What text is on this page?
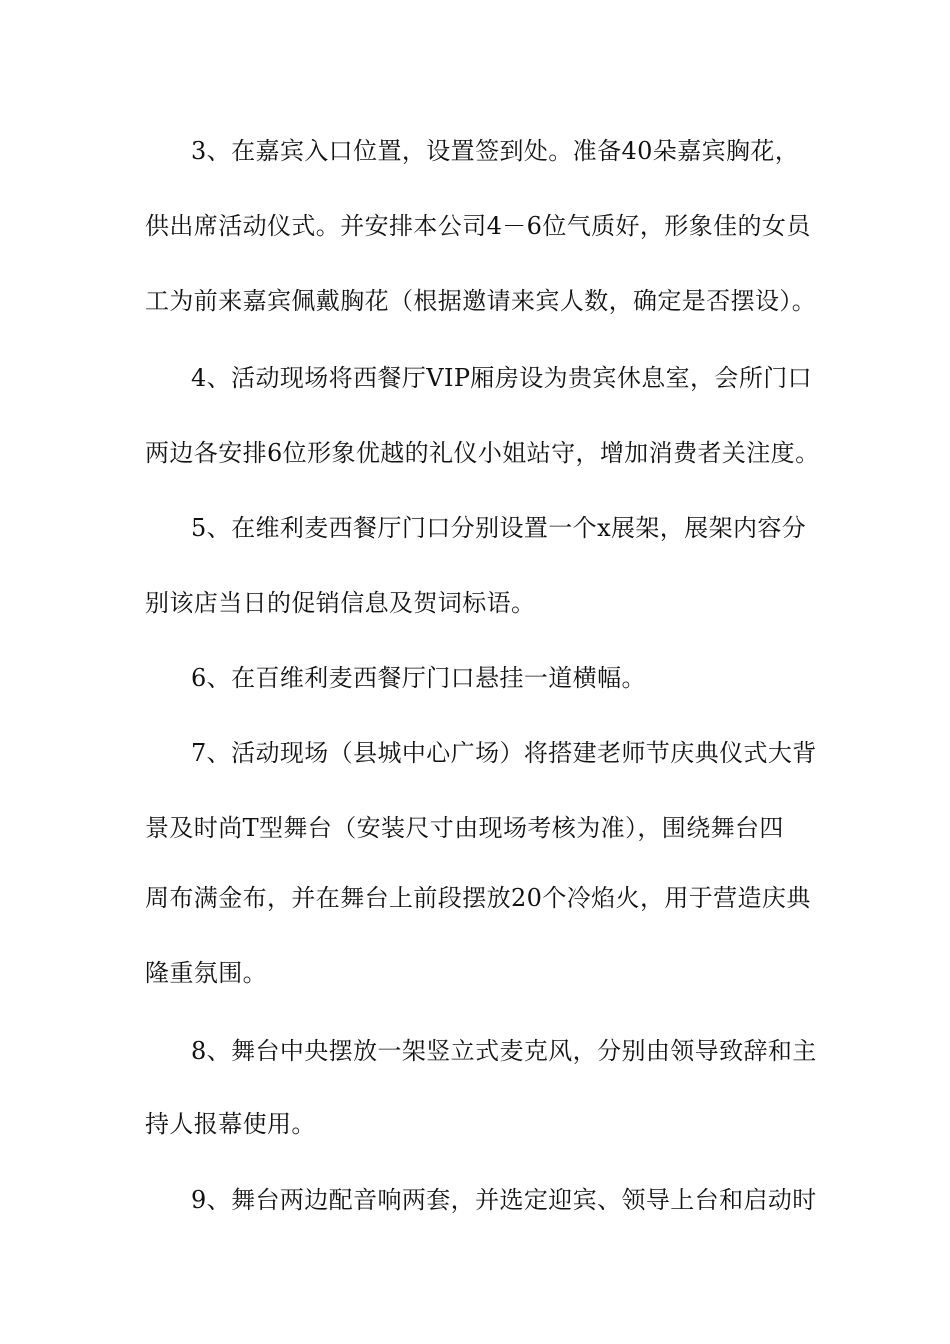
3、在嘉宾入口位置，设置签到处。准备40朵嘉宾胸花，
供出席活动仪式。并安排本公司4－6位气质好，形象佳的女员
工为前来嘉宾佩戴胸花（根据邀请来宾人数，确定是否摆设）。
4、活动现场将西餐厅VIP厢房设为贵宾休息室，会所门口
两边各安排6位形象优越的礼仪小姐站守，增加消费者关注度。
5、在维利麦西餐厅门口分别设置一个x展架，展架内容分
别该店当日的促销信息及贺词标语。
6、在百维利麦西餐厅门口悬挂一道横幅。
7、活动现场（县城中心广场）将搭建老师节庆典仪式大背
景及时尚T型舞台（安装尺寸由现场考核为准），围绕舞台四
周布满金布，并在舞台上前段摆放20个冷焰火，用于营造庆典
隆重氛围。
8、舞台中央摆放一架竖立式麦克风，分别由领导致辞和主
持人报幕使用。
9、舞台两边配音响两套，并选定迎宾、领导上台和启动时
